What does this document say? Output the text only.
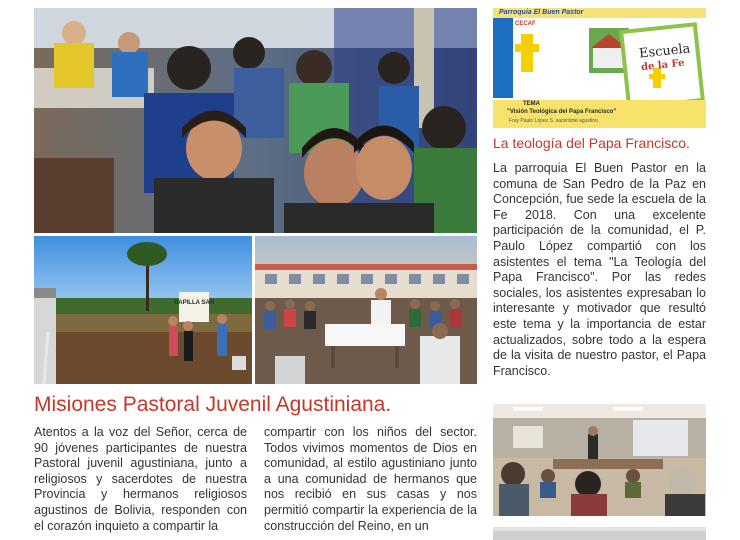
CAPILLA SAN
Misiones Pastoral Juvenil Agustiniana.

Atentos a la voz del Señor, cerca de 90 jóvenes participantes de nuestra Pastoral juvenil agustiniana, junto a religiosos y sacerdotes de nuestra Provincia y hermanos religiosos agustinos de Bolivia, responden con el corazón inquieto a compartir la

compartir con los niños del sector. Todos vivimos momentos de Dios en comunidad, al estilo agustiniano junto a una comunidad de hermanos que nos recibió en sus casas y nos permitió compartir la experiencia de la construcción del Reino, en un

Parroquia El Buen Pastor
CECAF
Escuela
de la Fe
TEMA
"Visión Teológica del Papa Francisco"
Fray Paulo López S. sacerdote agustino.
La teología del Papa Francisco.

La parroquia El Buen Pastor en la comuna de San Pedro de la Paz en Concepción, fue sede la escuela de la Fe 2018. Con una excelente participación de la comunidad, el P. Paulo López compartió con los asistentes el tema "La Teología del Papa Francisco". Por las redes sociales, los asistentes expresaban lo interesante y motivador que resultó este tema y la importancia de estar actualizados, sobre todo a la espera de la visita de nuestro pastor, el Papa Francisco.
